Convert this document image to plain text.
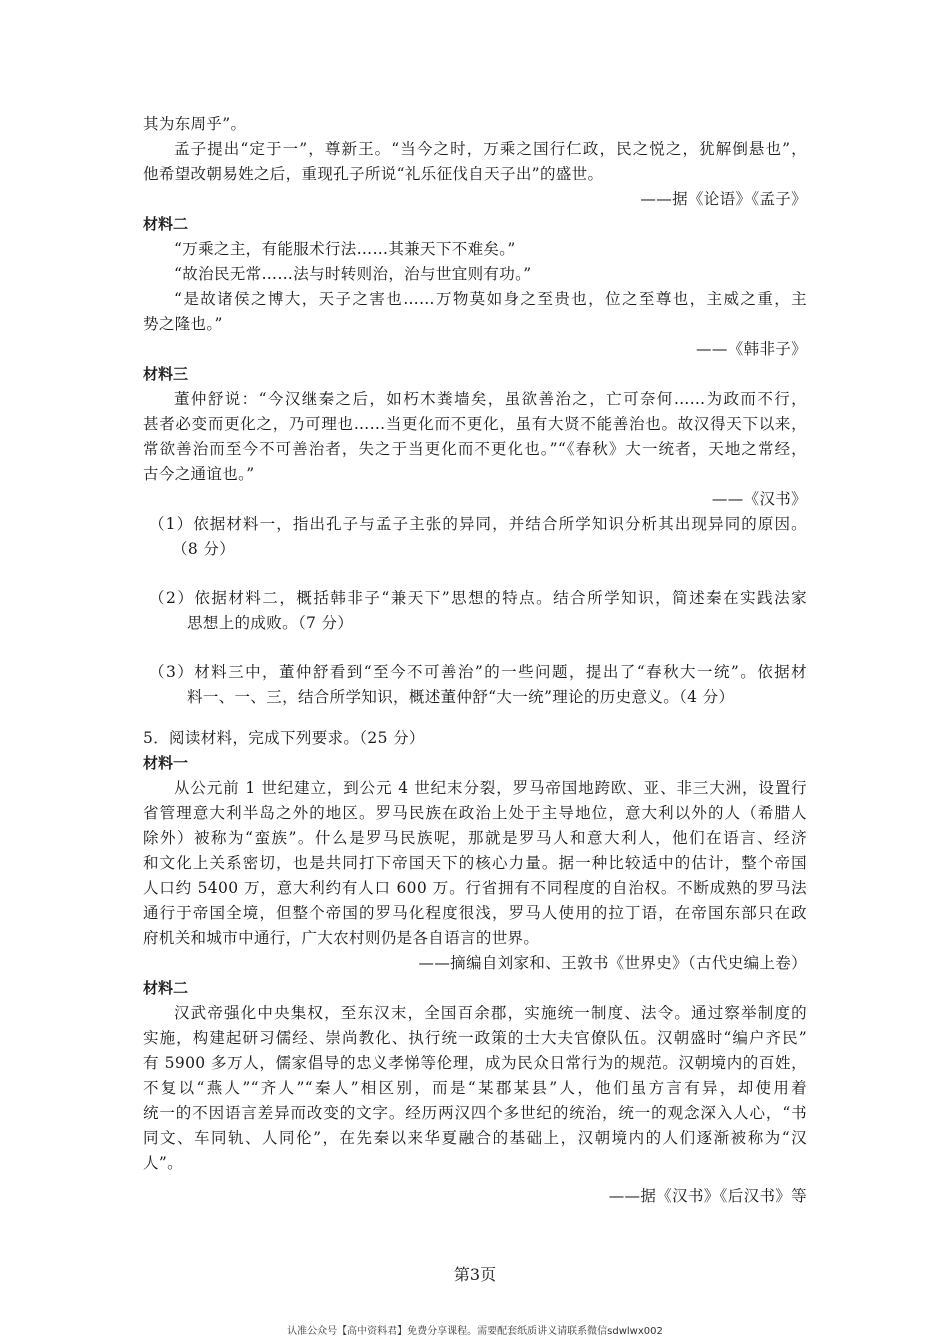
其为东周乎”。
孟子提出“定于一”，尊新王。“当今之时，万乘之国行仁政，民之悦之，犹解倒悬也”，
他希望改朝易姓之后，重现孔子所说“礼乐征伐自天子出”的盛世。
——据《论语》《孟子》
材料二
“万乘之主，有能服术行法……其兼天下不难矣。”
“故治民无常……法与时转则治，治与世宜则有功。”
“是故诸侯之博大，天子之害也……万物莫如身之至贵也，位之至尊也，主威之重，主
势之隆也。”
——《韩非子》
材料三
董仲舒说：“今汉继秦之后，如朽木粪墙矣，虽欲善治之，亡可奈何……为政而不行，
甚者必变而更化之，乃可理也……当更化而不更化，虽有大贤不能善治也。故汉得天下以来，
常欲善治而至今不可善治者，失之于当更化而不更化也。”“《春秋》大一统者，天地之常经，
古今之通谊也。”
——《汉书》
（1）依据材料一，指出孔子与孟子主张的异同，并结合所学知识分析其出现异同的原因。
（8 分）
（2）依据材料二，概括韩非子“兼天下”思想的特点。结合所学知识，简述秦在实践法家
思想上的成败。（7 分）
（3）材料三中，董仲舒看到“至今不可善治”的一些问题，提出了“春秋大一统”。依据材
料一、一、三，结合所学知识，概述董仲舒“大一统”理论的历史意义。（4 分）
5．阅读材料，完成下列要求。（25 分）
材料一
从公元前 1 世纪建立，到公元 4 世纪末分裂，罗马帝国地跨欧、亚、非三大洲，设置行
省管理意大利半岛之外的地区。罗马民族在政治上处于主导地位，意大利以外的人（希腊人
除外）被称为“蛮族”。什么是罗马民族呢，那就是罗马人和意大利人，他们在语言、经济
和文化上关系密切，也是共同打下帝国天下的核心力量。据一种比较适中的估计，整个帝国
人口约 5400 万，意大利约有人口 600 万。行省拥有不同程度的自治权。不断成熟的罗马法
通行于帝国全境，但整个帝国的罗马化程度很浅，罗马人使用的拉丁语，在帝国东部只在政
府机关和城市中通行，广大农村则仍是各自语言的世界。
——摘编自刘家和、王敦书《世界史》（古代史编上卷）
材料二
汉武帝强化中央集权，至东汉末，全国百余郡，实施统一制度、法令。通过察举制度的
实施，构建起研习儒经、崇尚教化、执行统一政策的士大夫官僚队伍。汉朝盛时“编户齐民”
有 5900 多万人，儒家倡导的忠义孝悌等伦理，成为民众日常行为的规范。汉朝境内的百姓，
不复以“燕人”“齐人”“秦人”相区别，而是“某郡某县”人，他们虽方言有异，却使用着
统一的不因语言差异而改变的文字。经历两汉四个多世纪的统治，统一的观念深入人心，“书
同文、车同轨、人同伦”，在先秦以来华夏融合的基础上，汉朝境内的人们逐渐被称为“汉
人”。
——据《汉书》《后汉书》等
第3页
认准公众号【高中资料君】免费分享课程。需要配套纸质讲义请联系微信sdwlwx002
